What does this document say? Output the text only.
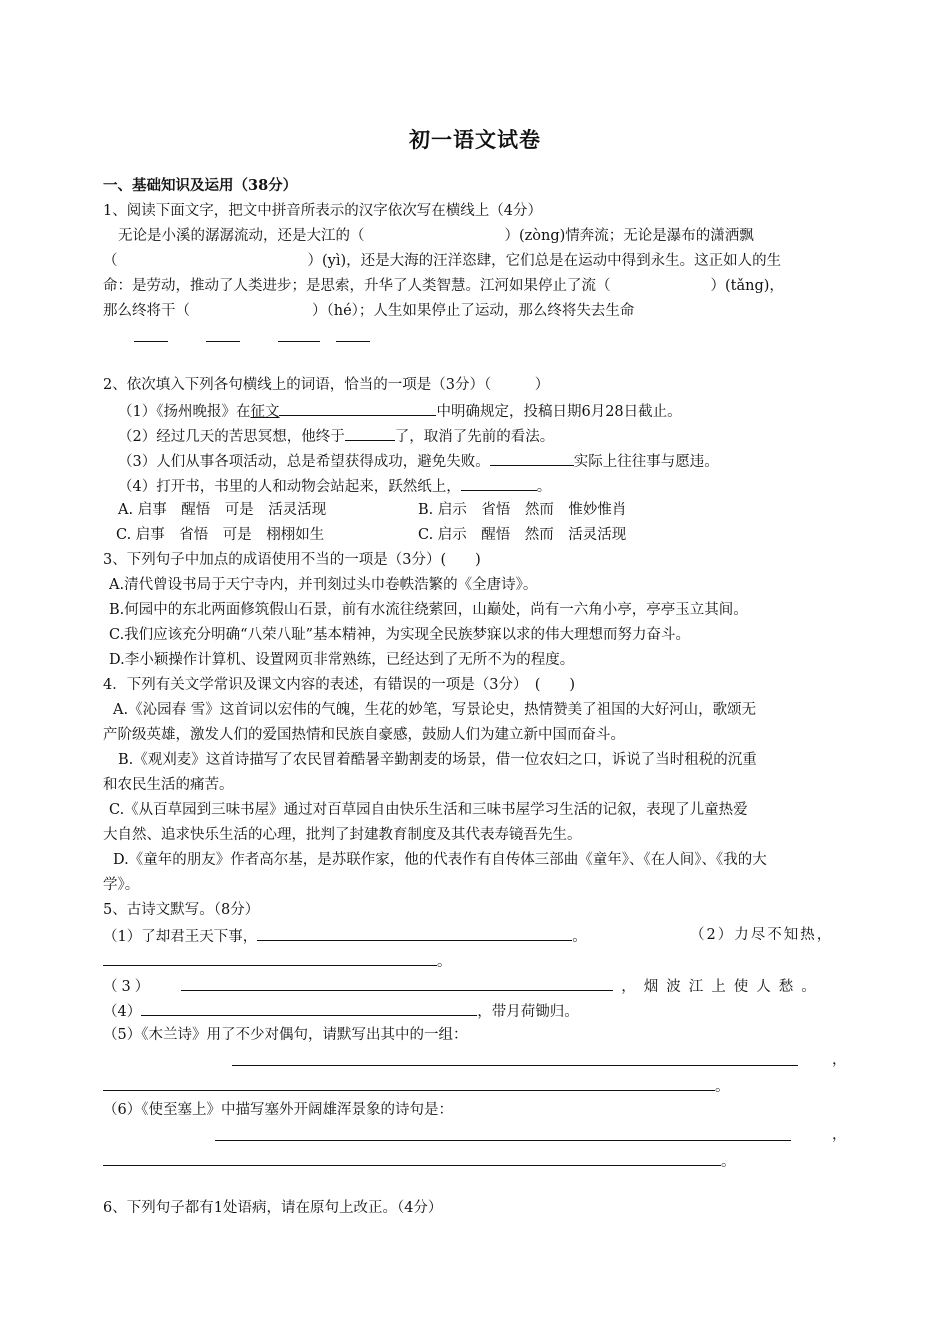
初一语文试卷
一、基础知识及运用（38分）
1、阅读下面文字，把文中拼音所表示的汉字依次写在横线上（4分）
无论是小溪的潺潺流动，还是大江的（	）(zòng)情奔流；无论是瀑布的潇洒飘
（	）(yì)，还是大海的汪洋恣肆，它们总是在运动中得到永生。这正如人的生
命：是劳动，推动了人类进步；是思索，升华了人类智慧。江河如果停止了流（	）(tǎng)，
那么终将干（	）（hé）；人生如果停止了运动，那么终将失去生命
2、依次填入下列各句横线上的词语，恰当的一项是（3分）（　　　）
（1）《扬州晚报》在征文	中明确规定，投稿日期6月28日截止。
（2）经过几天的苦思冥想，他终于	了，取消了先前的看法。
（3）人们从事各项活动，总是希望获得成功，避免失败。	实际上往往事与愿违。
（4）打开书，书里的人和动物会站起来，跃然纸上，	。
A. 启事　醒悟　可是　活灵活现	B. 启示　省悟　然而　惟妙惟肖
C. 启事　省悟　可是　栩栩如生	C. 启示　醒悟　然而　活灵活现
3、下列句子中加点的成语使用不当的一项是（3分）(　　)
A.清代曾设书局于天宁寺内，并刊刻过头巾卷帙浩繁的《全唐诗》。
B.何园中的东北两面修筑假山石景，前有水流往绕萦回，山巅处，尚有一六角小亭，亭亭玉立其间。
C.我们应该充分明确“八荣八耻”基本精神，为实现全民族梦寐以求的伟大理想而努力奋斗。
D.李小颖操作计算机、设置网页非常熟练，已经达到了无所不为的程度。
4．下列有关文学常识及课文内容的表述，有错误的一项是（3分）　(　　)
A.《沁园春 雪》这首词以宏伟的气魄，生花的妙笔，写景论史，热情赞美了祖国的大好河山，歌颂无
产阶级英雄，激发人们的爱国热情和民族自豪感，鼓励人们为建立新中国而奋斗。
B.《观刈麦》这首诗描写了农民冒着酷暑辛勤割麦的场景，借一位农妇之口，诉说了当时租税的沉重
和农民生活的痛苦。
C.《从百草园到三味书屋》通过对百草园自由快乐生活和三味书屋学习生活的记叙，表现了儿童热爱
大自然、追求快乐生活的心理，批判了封建教育制度及其代表寿镜吾先生。
D.《童年的朋友》作者高尔基，是苏联作家，他的代表作有自传体三部曲《童年》、《在人间》、《我的大
学》。
5、古诗文默写。（8分）
（1）了却君王天下事，	。	（2）力尽不知热，
。
（3）	，烟波江上使人愁。
（4）	，带月荷锄归。
（5）《木兰诗》用了不少对偶句，请默写出其中的一组：
，
。
（6）《使至塞上》中描写塞外开阔雄浑景象的诗句是：
，
。
6、下列句子都有1处语病，请在原句上改正。（4分）
